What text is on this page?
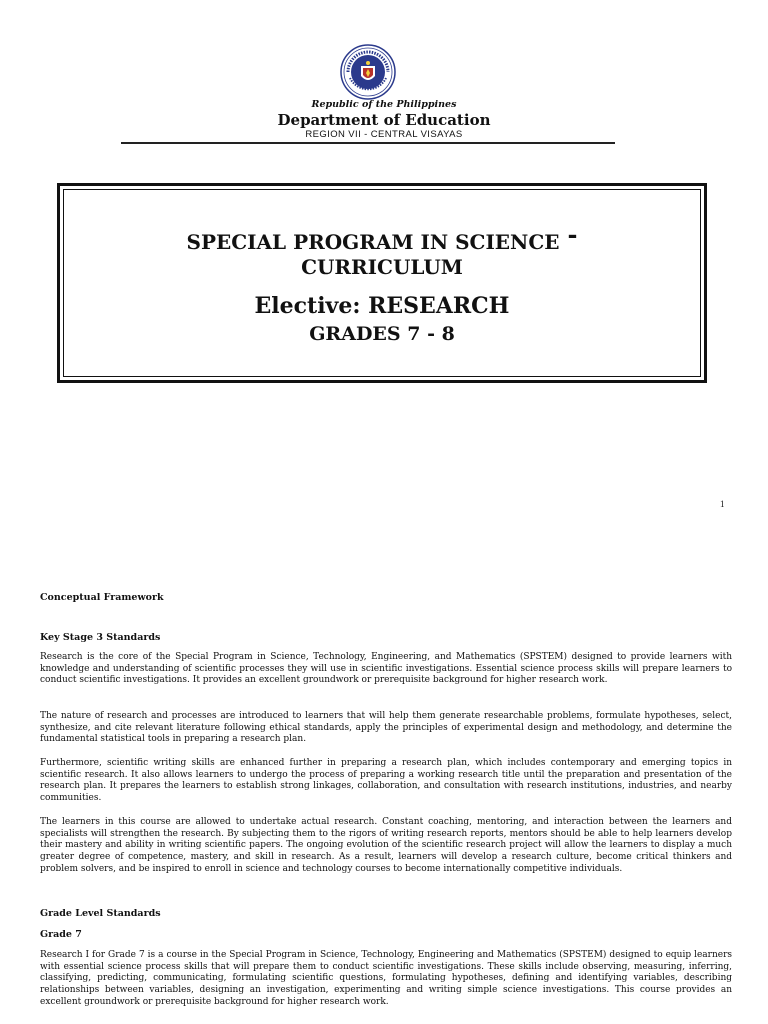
Republic of the Philippines
Department of Education
REGION VII - CENTRAL VISAYAS
SPECIAL PROGRAM IN SCIENCE -
CURRICULUM
Elective: RESEARCH
GRADES 7 - 8
1
Conceptual Framework
Key Stage 3 Standards

Research is the core of the Special Program in Science, Technology, Engineering, and Mathematics (SPSTEM) designed to provide learners with knowledge and understanding of scientific processes they will use in scientific investigations. Essential science process skills will prepare learners to conduct scientific investigations. It provides an excellent groundwork or prerequisite background for higher research work.

The nature of research and processes are introduced to learners that will help them generate researchable problems, formulate hypotheses, select, synthesize, and cite relevant literature following ethical standards, apply the principles of experimental design and methodology, and determine the fundamental statistical tools in preparing a research plan.

Furthermore, scientific writing skills are enhanced further in preparing a research plan, which includes contemporary and emerging topics in scientific research. It also allows learners to undergo the process of preparing a working research title until the preparation and presentation of the research plan. It prepares the learners to establish strong linkages, collaboration, and consultation with research institutions, industries, and nearby communities.

The learners in this course are allowed to undertake actual research. Constant coaching, mentoring, and interaction between the learners and specialists will strengthen the research. By subjecting them to the rigors of writing research reports, mentors should be able to help learners develop their mastery and ability in writing scientific papers. The ongoing evolution of the scientific research project will allow the learners to display a much greater degree of competence, mastery, and skill in research. As a result, learners will develop a research culture, become critical thinkers and problem solvers, and be inspired to enroll in science and technology courses to become internationally competitive individuals.

Grade Level Standards
Grade 7

Research I for Grade 7 is a course in the Special Program in Science, Technology, Engineering and Mathematics (SPSTEM) designed to equip learners with essential science process skills that will prepare them to conduct scientific investigations. These skills include observing, measuring, inferring, classifying, predicting, communicating, formulating scientific questions, formulating hypotheses, defining and identifying variables, describing relationships between variables, designing an investigation, experimenting and writing simple science investigations. This course provides an excellent groundwork or prerequisite background for higher research work.
